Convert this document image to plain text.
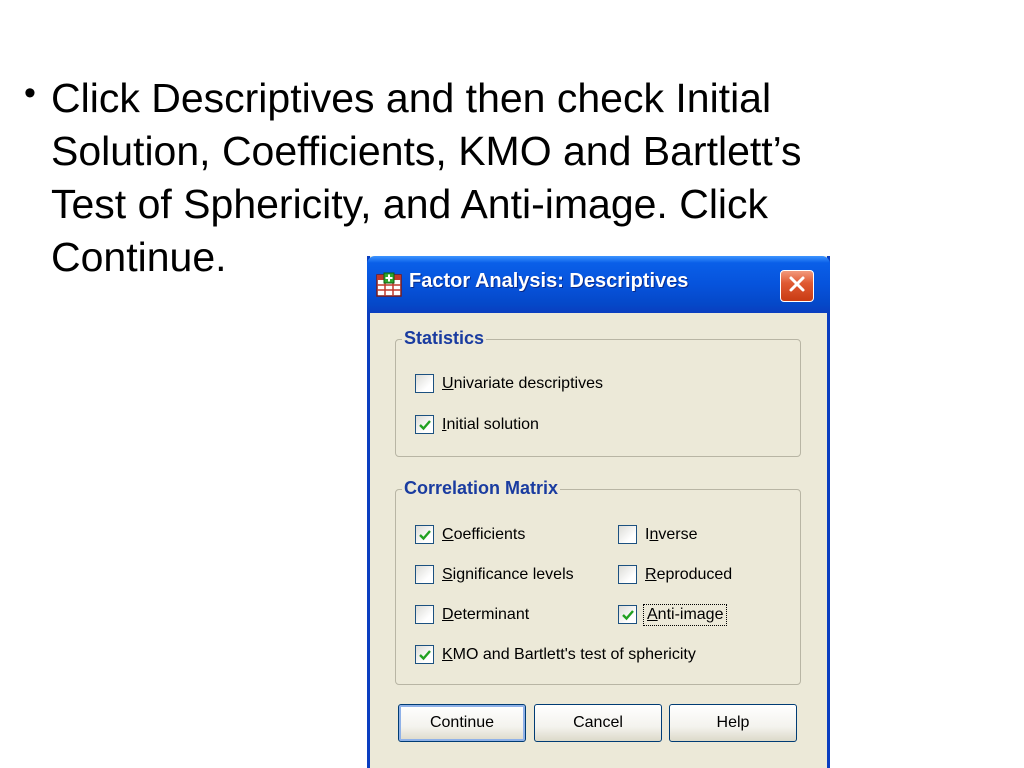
• Click Descriptives and then check Initial
Solution, Coefficients, KMO and Bartlett’s
Test of Sphericity, and Anti-image. Click
Continue.
Factor Analysis: Descriptives
Statistics
Univariate descriptives
Initial solution
Correlation Matrix
Coefficients	Inverse
Significance levels	Reproduced
Determinant	Anti-image
KMO and Bartlett's test of sphericity
Continue	Cancel	Help
